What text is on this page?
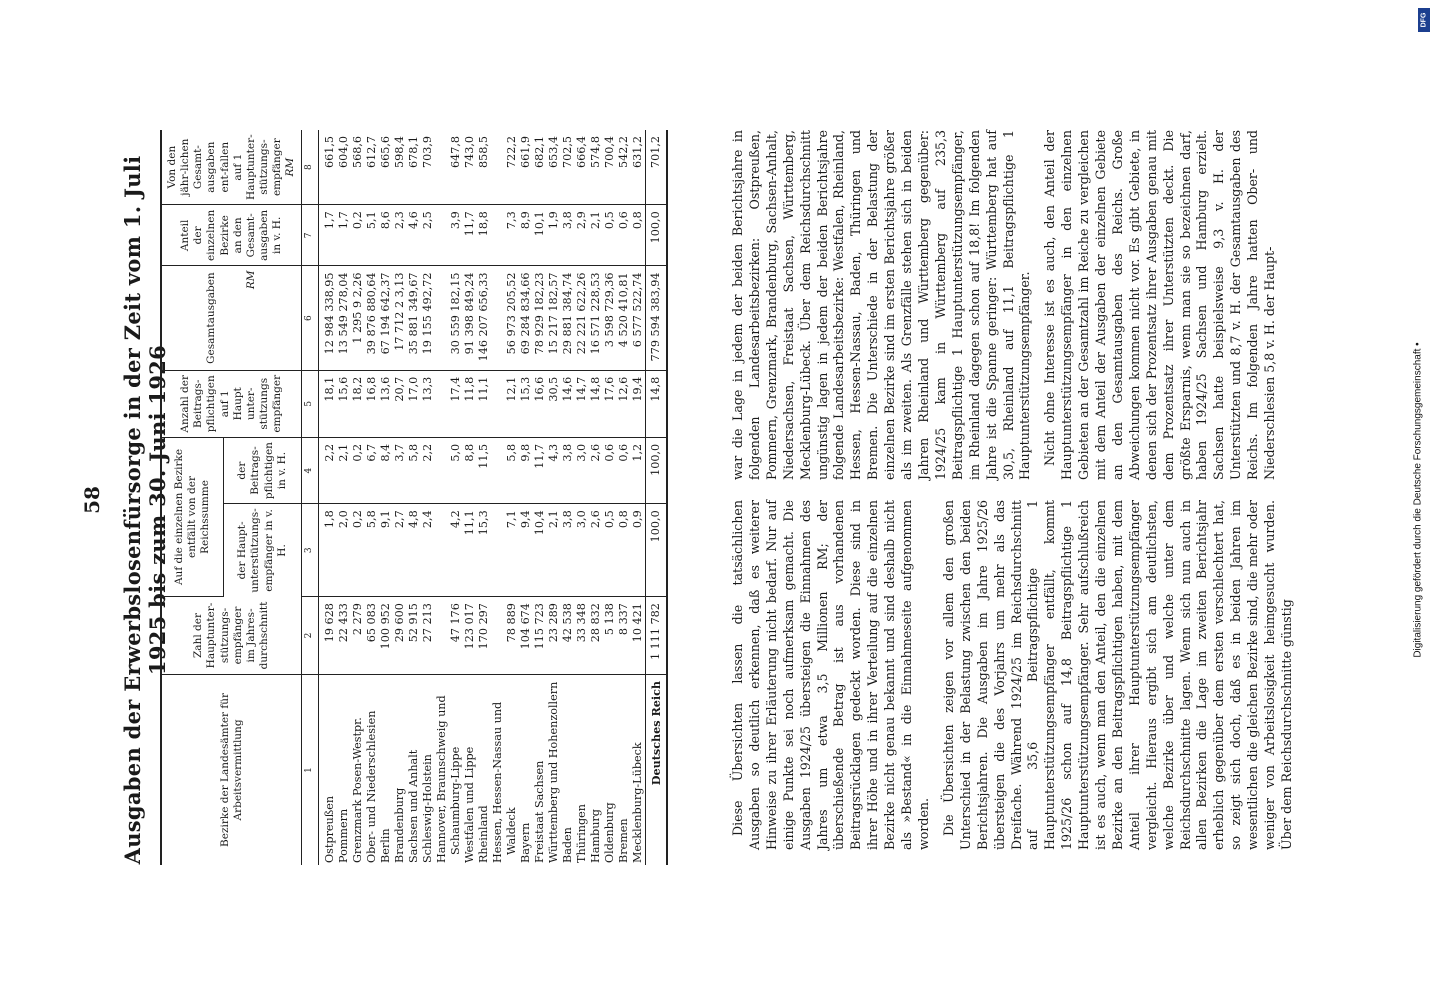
58 Ausgaben der Erwerbslosenfürsorge in der Zeit vom 1. Juli 1925 bis zum 30. Juni 1926
Bezirke der Landesämter für Arbeitsvermittlung	Zahl der Hauptunter-stützungs-empfänger im Jahres-durchschnitt	Auf die einzelnen Bezirke entfällt von der Reichssumme		Anzahl der Beitrags-pflichtigen auf 1 Haupt unter-stützungs empfänger	Gesamtausgaben RM	Anteil der einzelnen Bezirke an den Gesamt-ausgaben in v. H.	Von den jähr-lichen Gesamt-ausgaben ent-fallen auf 1 Hauptunter-stützungs-empfänger
RM
		der Haupt-unterstützungs-empfänger in v. H.	der Beitrags-pflichtigen in v. H.				
1	2	3	4	5	6	7	8
Ostpreußen	19 628	1,8	2,2	18,1	12 984 338,95	1,7	661,5
Pommern	22 433	2,0	2,1	15,6	13 549 278,04	1,7	604,0
Grenzmark Posen-Westpr.	2 279	0,2	0,2	18,2	1 295 9 2,26	0,2	568,6
Ober- und Niederschlesien	65 083	5,8	6,7	16,8	39 876 880,64	5,1	612,7
Berlin	100 952	9,1	8,4	13,6	67 194 642,37	8,6	665,6
Brandenburg	29 600	2,7	3,7	20,7	17 712 2 3,13	2,3	598,4
Sachsen und Anhalt	52 915	4,8	5,8	17,0	35 881 349,67	4,6	678,1
Schleswig-Holstein	27 213	2,4	2,2	13,3	19 155 492,72	2,5	703,9
Hannover, Braunschweig und							
Schaumburg-Lippe	47 176	4,2	5,0	17,4	30 559 182,15	3,9	647,8
Westfalen und Lippe	123 017	11,1	8,8	11,8	91 398 849,24	11,7	743,0
Rheinland	170 297	15,3	11,5	11,1	146 207 656,33	18,8	858,5
Hessen, Hessen-Nassau und							
Waldeck	78 889	7,1	5,8	12,1	56 973 205,52	7,3	722,2
Bayern	104 674	9,4	9,8	15,3	69 284 834,66	8,9	661,9
Freistaat Sachsen	115 723	10,4	11,7	16,6	78 929 182,23	10,1	682,1
Württemberg und Hohenzollern	23 289	2,1	4,3	30,5	15 217 182,57	1,9	653,4
Baden	42 538	3,8	3,8	14,6	29 881 384,74	3,8	702,5
Thüringen	33 348	3,0	3,0	14,7	22 221 622,26	2,9	666,4
Hamburg	28 832	2,6	2,6	14,8	16 571 228,53	2,1	574,8
Oldenburg	5 138	0,5	0,6	17,6	3 598 729,36	0,5	700,4
Bremen	8 337	0,8	0,6	12,6	4 520 410,81	0,6	542,2
Mecklenburg-Lübeck	10 421	0,9	1,2	19,4	6 577 522,74	0,8	631,2
Deutsches Reich	1 111 782	100,0	100,0	14,8	779 594 383,94	100,0	701,2

Diese Übersichten lassen die tatsächlichen Ausgaben so deutlich erkennen, daß es weiterer Hinweise zu ihrer Erläuterung nicht bedarf. Nur auf einige Punkte sei noch aufmerksam gemacht. Die Ausgaben 1924/25 übersteigen die Einnahmen des Jahres um etwa 3,5 Millionen RM; der überschießende Betrag ist aus vorhandenen Beitragsrücklagen gedeckt worden. Diese sind in ihrer Höhe und in ihrer Verteilung auf die einzelnen Bezirke nicht genau bekannt und sind deshalb nicht als »Bestand« in die Einnahmeseite aufgenommen worden. Die Übersichten zeigen vor allem den großen Unterschied in der Belastung zwischen den beiden Berichtsjahren. Die Ausgaben im Jahre 1925/26 übersteigen die des Vorjahrs um mehr als das Dreifache. Während 1924/25 im Reichsdurchschnitt auf 35,6 Beitragspflichtige 1 Hauptunterstützungsempfänger entfällt, kommt 1925/26 schon auf 14,8 Beitragspflichtige 1 Hauptunterstützungsempfänger. Sehr aufschlußreich ist es auch, wenn man den Anteil, den die einzelnen Bezirke an den Beitragspflichtigen haben, mit dem Anteil ihrer Hauptunterstützungsempfänger vergleicht. Hieraus ergibt sich am deutlichsten, welche Bezirke über und welche unter dem Reichsdurchschnitte lagen. Wenn sich nun auch in allen Bezirken die Lage im zweiten Berichtsjahr erheblich gegenüber dem ersten verschlechtert hat, so zeigt sich doch, daß es in beiden Jahren im wesentlichen die gleichen Bezirke sind, die mehr oder weniger von Arbeitslosigkeit heimgesucht wurden. Über dem Reichsdurchschnitte günstig

war die Lage in jedem der beiden Berichtsjahre in folgenden Landesarbeitsbezirken: Ostpreußen, Pommern, Grenzmark, Brandenburg, Sachsen-Anhalt, Niedersachsen, Freistaat Sachsen, Württemberg, Mecklenburg-Lübeck. Über dem Reichsdurchschnitt ungünstig lagen in jedem der beiden Berichtsjahre folgende Landesarbeitsbezirke: Westfalen, Rheinland, Hessen, Hessen-Nassau, Baden, Thüringen und Bremen. Die Unterschiede in der Belastung der einzelnen Bezirke sind im ersten Berichtsjahre größer als im zweiten. Als Grenzfälle stehen sich in beiden Jahren Rheinland und Württemberg gegenüber: 1924/25 kam in Württemberg auf 235,3 Beitragspflichtige 1 Hauptunterstützungsempfänger, im Rheinland dagegen schon auf 18,8! Im folgenden Jahre ist die Spanne geringer: Württemberg hat auf 30,5, Rheinland auf 11,1 Beitragspflichtige 1 Hauptunterstützungsempfänger. Nicht ohne Interesse ist es auch, den Anteil der Hauptunterstützungsempfänger in den einzelnen Gebieten an der Gesamtzahl im Reiche zu vergleichen mit dem Anteil der Ausgaben der einzelnen Gebiete an den Gesamtausgaben des Reichs. Große Abweichungen kommen nicht vor. Es gibt Gebiete, in denen sich der Prozentsatz ihrer Ausgaben genau mit dem Prozentsatz ihrer Unterstützten deckt. Die größte Ersparnis, wenn man sie so bezeichnen darf, haben 1924/25 Sachsen und Hamburg erzielt. Sachsen hatte beispielsweise 9,3 v. H. der Unterstützten und 8,7 v. H. der Gesamtausgaben des Reichs. Im folgenden Jahre hatten Ober- und Niederschlesien 5,8 v. H. der Haupt-

DFG
Digitalisierung gefördert durch die Deutsche Forschungsgemeinschaft •
